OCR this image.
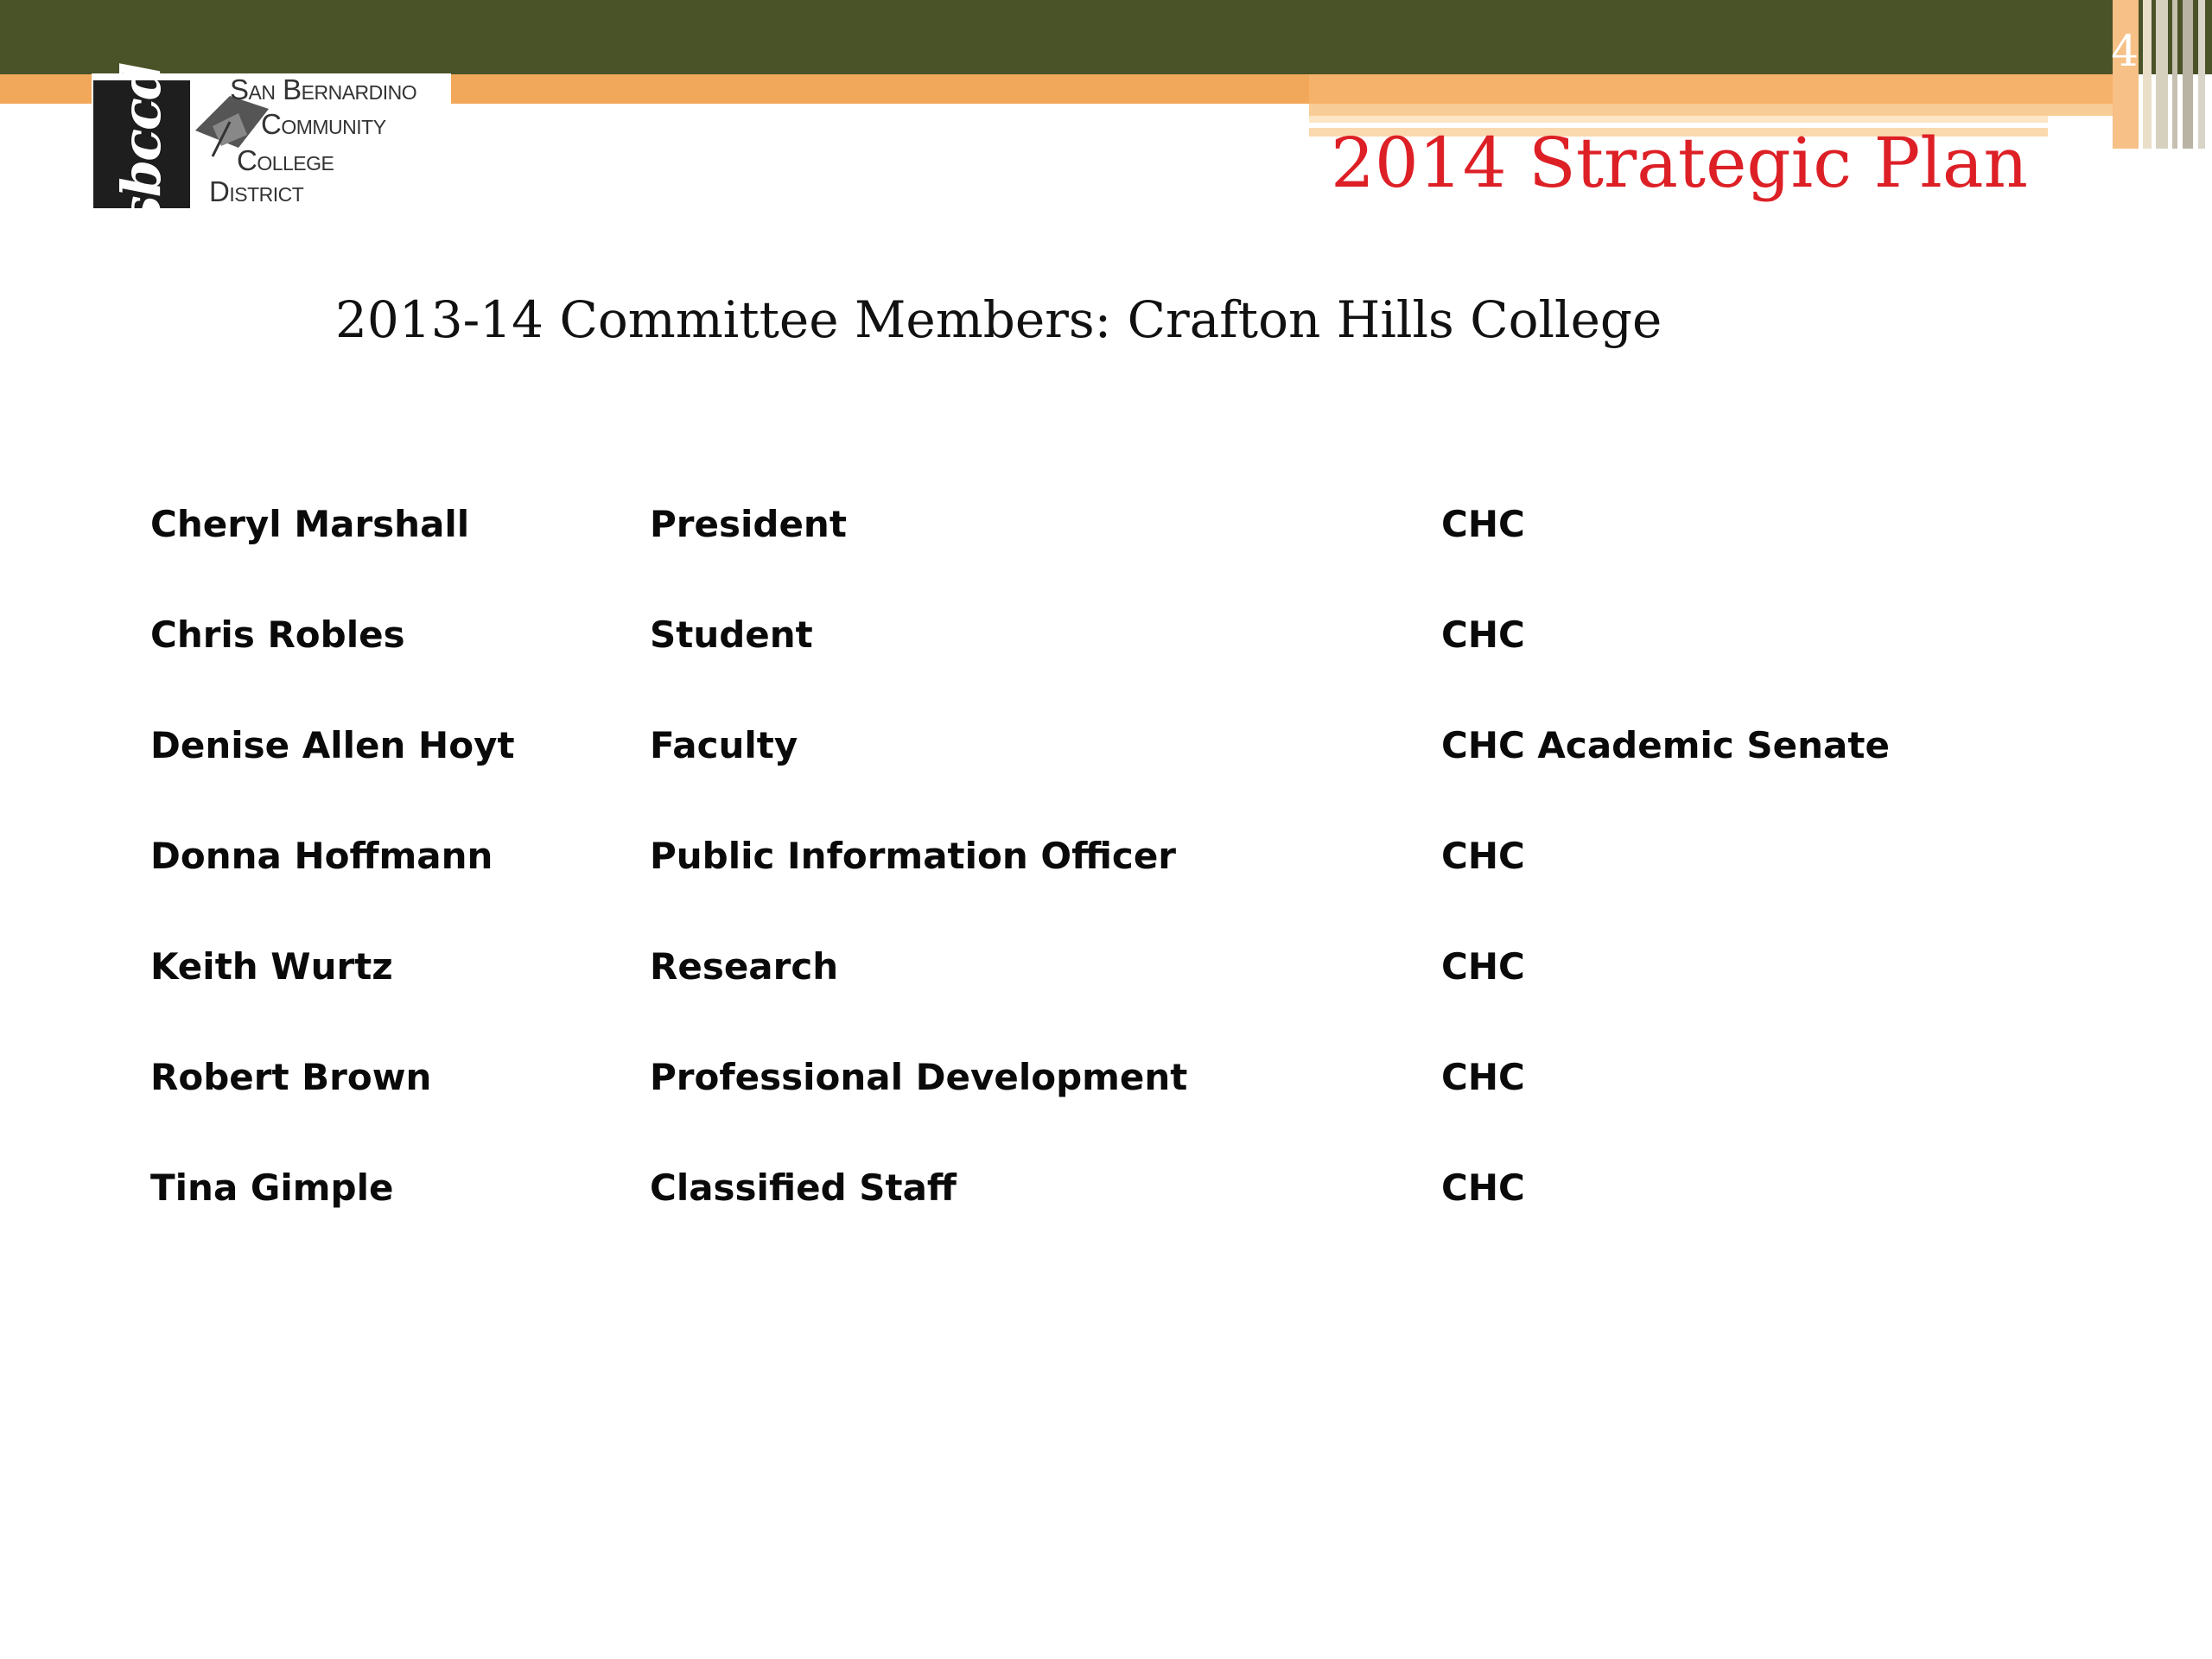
4
sbccd San Bernardino
Community
College
District	2014 Strategic Plan
2013-14 Committee Members: Crafton Hills College
Cheryl Marshall	President	CHC
Chris Robles	Student	CHC
Denise Allen Hoyt	Faculty	CHC Academic Senate
Donna Hoffmann	Public Information Officer	CHC
Keith Wurtz	Research	CHC
Robert Brown	Professional Development	CHC
Tina Gimple	Classified Staff	CHC
